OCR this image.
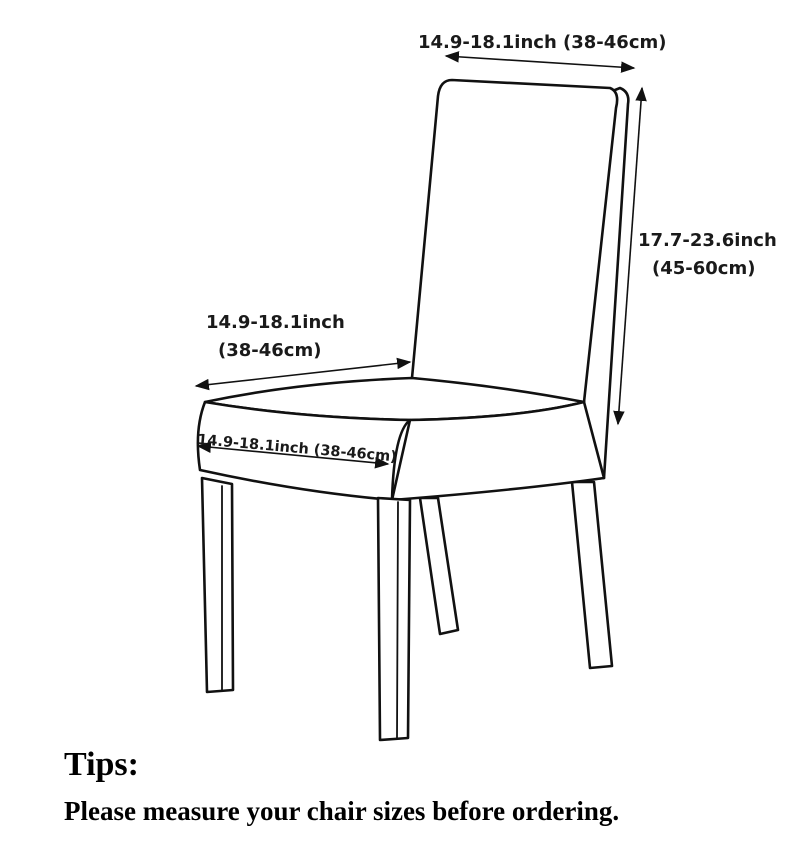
14.9-18.1inch (38-46cm)
17.7-23.6inch
(45-60cm)
14.9-18.1inch
(38-46cm)
14.9-18.1inch (38-46cm)
Tips:
Please measure your chair sizes before ordering.
